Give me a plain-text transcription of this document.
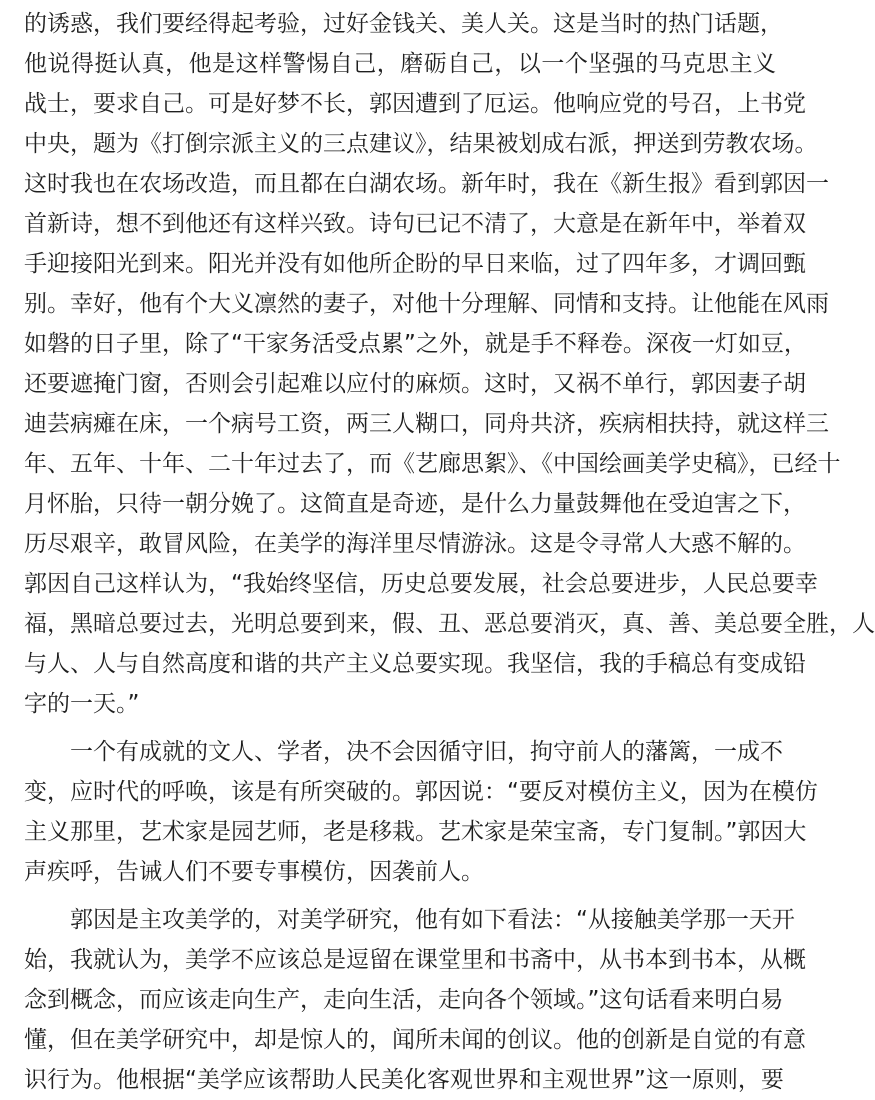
的诱惑，我们要经得起考验，过好金钱关、美人关。这是当时的热门话题，
他说得挺认真，他是这样警惕自己，磨砺自己，以一个坚强的马克思主义
战士，要求自己。可是好梦不长，郭因遭到了厄运。他响应党的号召，上书党
中央，题为《打倒宗派主义的三点建议》，结果被划成右派，押送到劳教农场。
这时我也在农场改造，而且都在白湖农场。新年时，我在《新生报》看到郭因一
首新诗，想不到他还有这样兴致。诗句已记不清了，大意是在新年中，举着双
手迎接阳光到来。阳光并没有如他所企盼的早日来临，过了四年多，才调回甄
别。幸好，他有个大义凛然的妻子，对他十分理解、同情和支持。让他能在风雨
如磐的日子里，除了“干家务活受点累”之外，就是手不释卷。深夜一灯如豆，
还要遮掩门窗，否则会引起难以应付的麻烦。这时，又祸不单行，郭因妻子胡
迪芸病瘫在床，一个病号工资，两三人糊口，同舟共济，疾病相扶持，就这样三
年、五年、十年、二十年过去了，而《艺廊思絮》、《中国绘画美学史稿》，已经十
月怀胎，只待一朝分娩了。这简直是奇迹，是什么力量鼓舞他在受迫害之下，
历尽艰辛，敢冒风险，在美学的海洋里尽情游泳。这是令寻常人大惑不解的。
郭因自己这样认为，“我始终坚信，历史总要发展，社会总要进步，人民总要幸
福，黑暗总要过去，光明总要到来，假、丑、恶总要消灭，真、善、美总要全胜，人
与人、人与自然高度和谐的共产主义总要实现。我坚信，我的手稿总有变成铅
字的一天。”
一个有成就的文人、学者，决不会因循守旧，拘守前人的藩篱，一成不
变，应时代的呼唤，该是有所突破的。郭因说：“要反对模仿主义，因为在模仿
主义那里，艺术家是园艺师，老是移栽。艺术家是荣宝斋，专门复制。”郭因大
声疾呼，告诫人们不要专事模仿，因袭前人。
郭因是主攻美学的，对美学研究，他有如下看法：“从接触美学那一天开
始，我就认为，美学不应该总是逗留在课堂里和书斋中，从书本到书本，从概
念到概念，而应该走向生产，走向生活，走向各个领域。”这句话看来明白易
懂，但在美学研究中，却是惊人的，闻所未闻的创议。他的创新是自觉的有意
识行为。他根据“美学应该帮助人民美化客观世界和主观世界”这一原则，要
